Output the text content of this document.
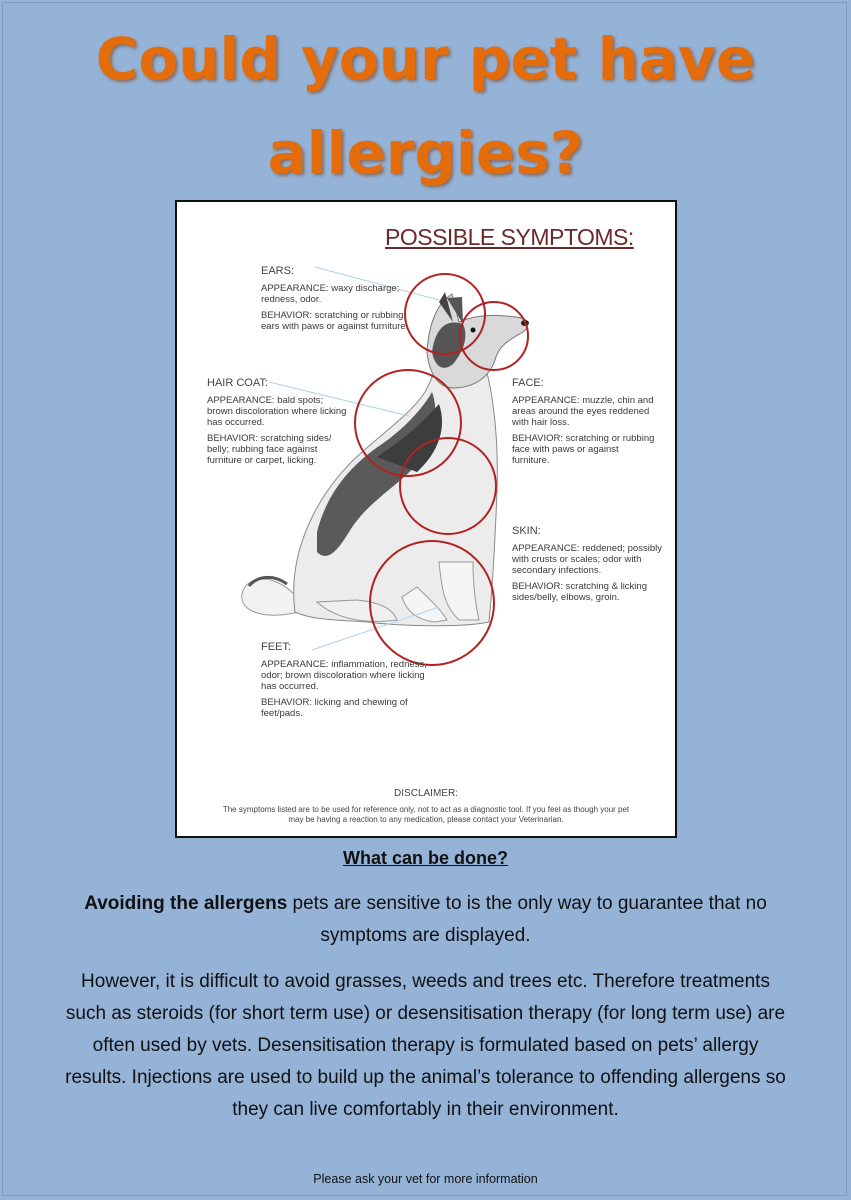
Could your pet have
allergies?
POSSIBLE SYMPTOMS:
EARS:
APPEARANCE: waxy discharge; redness, odor.
BEHAVIOR: scratching or rubbing ears with paws or against furniture.
HAIR COAT:
APPEARANCE: bald spots; brown discoloration where licking has occurred.
BEHAVIOR: scratching sides/ belly; rubbing face against furniture or carpet, licking.
FACE:
APPEARANCE: muzzle, chin and areas around the eyes reddened with hair loss.
BEHAVIOR: scratching or rubbing face with paws or against furniture.
SKIN:
APPEARANCE: reddened; possibly with crusts or scales; odor with secondary infections.
BEHAVIOR: scratching & licking sides/belly, elbows, groin.
FEET:
APPEARANCE: inflammation, redness, odor; brown discoloration where licking has occurred.
BEHAVIOR: licking and chewing of feet/pads.
DISCLAIMER:
The symptoms listed are to be used for reference only, not to act as a diagnostic tool. If you feel as though your pet may be having a reaction to any medication, please contact your Veterinarian.
What can be done?
Avoiding the allergens pets are sensitive to is the only way to guarantee that no symptoms are displayed.
However, it is difficult to avoid grasses, weeds and trees etc. Therefore treatments such as steroids (for short term use) or desensitisation therapy (for long term use) are often used by vets. Desensitisation therapy is formulated based on pets’ allergy results. Injections are used to build up the animal’s tolerance to offending allergens so they can live comfortably in their environment.
Please ask your vet for more information
